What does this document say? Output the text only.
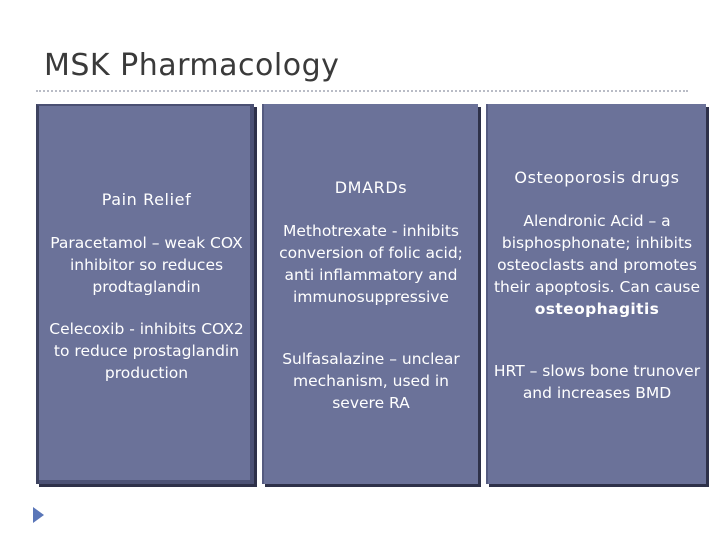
MSK Pharmacology
Pain Relief
Paracetamol – weak COX inhibitor so reduces prodtaglandin
Celecoxib - inhibits COX2 to reduce prostaglandin production
DMARDs
Methotrexate - inhibits conversion of folic acid; anti inflammatory and immunosuppressive
Sulfasalazine – unclear mechanism, used in severe RA
Osteoporosis drugs
Alendronic Acid – a bisphosphonate; inhibits osteoclasts and promotes their apoptosis. Can cause osteophagitis
HRT – slows bone trunover and increases BMD
